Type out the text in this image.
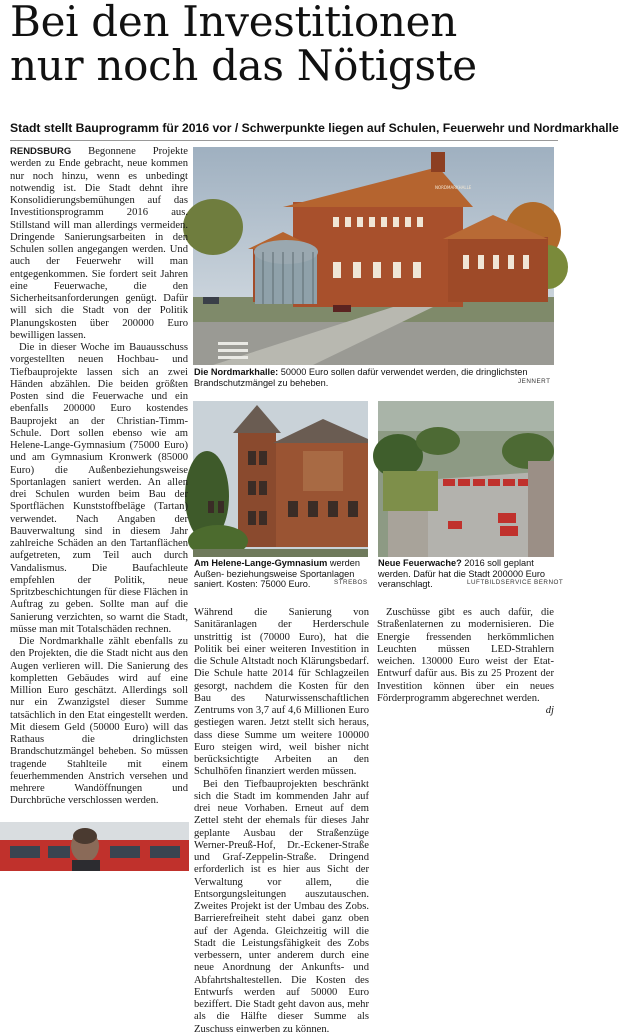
Bei den Investitionen
nur noch das Nötigste
Stadt stellt Bauprogramm für 2016 vor / Schwerpunkte liegen auf Schulen, Feuerwehr und Nordmarkhalle
NORDMARKHALLE
Die Nordmarkhalle: 50000 Euro sollen dafür verwendet werden, die dringlichsten Brandschutzmängel zu beheben.	JENNERT
Am Helene-Lange-Gymnasium werden Außen- beziehungsweise Sportanlagen saniert. Kosten: 75000 Euro.	STREBOS
Neue Feuerwache? 2016 soll geplant werden. Dafür hat die Stadt 200000 Euro veranschlagt.	LUFTBILDSERVICE BERNOT

RENDSBURG Begonnene Projekte werden zu Ende gebracht, neue kommen nur noch hinzu, wenn es unbedingt notwendig ist. Die Stadt dehnt ihre Konsolidierungsbemühungen auf das Investitionsprogramm 2016 aus. Stillstand will man allerdings vermeiden. Dringende Sanierungsarbeiten in den Schulen sollen angegangen werden. Und auch der Feuerwehr will man entgegenkommen. Sie fordert seit Jahren eine Feuerwache, die den Sicherheitsanforderungen genügt. Dafür will sich die Stadt von der Politik Planungskosten über 200000 Euro bewilligen lassen.

Die in dieser Woche im Bauausschuss vorgestellten neuen Hochbau- und Tiefbauprojekte lassen sich an zwei Händen abzählen. Die beiden größten Posten sind die Feuerwache und ein ebenfalls 200000 Euro kostendes Bauprojekt an der Christian-Timm-Schule. Dort sollen ebenso wie am Helene-Lange-Gymnasium (75000 Euro) und am Gymnasium Kronwerk (85000 Euro) die Außenbeziehungsweise Sportanlagen saniert werden. An allen drei Schulen wurden beim Bau der Sportflächen Kunststoffbeläge (Tartan) verwendet. Nach Angaben der Bauverwaltung sind in diesem Jahr zahlreiche Schäden an den Tartanflächen aufgetreten, zum Teil auch durch Vandalismus. Die Baufachleute empfehlen der Politik, neue Spritzbeschichtungen für diese Flächen in Auftrag zu geben. Sollte man auf die Sanierung verzichten, so warnt die Stadt, müsse man mit Totalschäden rechnen.

Die Nordmarkhalle zählt ebenfalls zu den Projekten, die die Stadt nicht aus den Augen verlieren will. Die Sanierung des kompletten Gebäudes wird auf eine Million Euro geschätzt. Allerdings soll nur ein Zwanzigstel dieser Summe tatsächlich in den Etat eingestellt werden. Mit diesem Geld (50000 Euro) will das Rathaus die dringlichsten Brandschutzmängel beheben. So müssen tragende Stahlteile mit einem feuerhemmenden Anstrich versehen und mehrere Wandöffnungen und Durchbrüche verschlossen werden.

Während die Sanierung von Sanitäranlagen der Herderschule unstrittig ist (70000 Euro), hat die Politik bei einer weiteren Investition in die Schule Altstadt noch Klärungsbedarf. Die Schule hatte 2014 für Schlagzeilen gesorgt, nachdem die Kosten für den Bau des Naturwissenschaftlichen Zentrums von 3,7 auf 4,6 Millionen Euro gestiegen waren. Jetzt stellt sich heraus, dass diese Summe um weitere 100000 Euro steigen wird, weil bisher nicht berücksichtigte Arbeiten an den Schulhöfen finanziert werden müssen.

Bei den Tiefbauprojekten beschränkt sich die Stadt im kommenden Jahr auf drei neue Vorhaben. Erneut auf dem Zettel steht der ehemals für dieses Jahr geplante Ausbau der Straßenzüge Werner-Preuß-Hof, Dr.-Eckener-Straße und Graf-Zeppelin-Straße. Dringend erforderlich ist es hier aus Sicht der Verwaltung vor allem, die Entsorgungsleitungen auszutauschen. Zweites Projekt ist der Umbau des Zobs. Barrierefreiheit steht dabei ganz oben auf der Agenda. Gleichzeitig will die Stadt die Leistungsfähigkeit des Zobs verbessern, unter anderem durch eine neue Anordnung der Ankunfts- und Abfahrtshaltestellen. Die Kosten des Entwurfs werden auf 50000 Euro beziffert. Die Stadt geht davon aus, mehr als die Hälfte dieser Summe als Zuschuss einwerben zu können.

Zuschüsse gibt es auch dafür, die Straßenlaternen zu modernisieren. Die Energie fressenden herkömmlichen Leuchten müssen LED-Strahlern weichen. 130000 Euro weist der Etat-Entwurf dafür aus. Bis zu 25 Prozent der Investition können über ein neues Förderprogramm abgerechnet werden.
dj
